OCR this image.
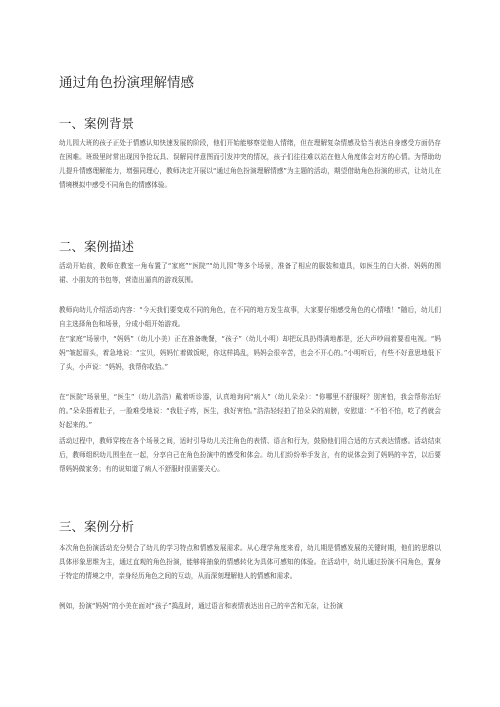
通过角色扮演理解情感
一、案例背景

幼儿园大班的孩子正处于情感认知快速发展的阶段，他们开始能够察觉他人情绪，但在理解复杂情感及恰当表达自身感受方面仍存在困难。班级里时常出现因争抢玩具、误解同伴意图而引发冲突的情况，孩子们往往难以站在他人角度体会对方的心情。为帮助幼儿提升情感理解能力，增强同理心，教师决定开展以“通过角色扮演理解情感”为主题的活动，期望借助角色扮演的形式，让幼儿在情境模拟中感受不同角色的情感体验。

二、案例描述

活动开始前，教师在教室一角布置了“家庭”“医院”“幼儿园”等多个场景，准备了相应的服装和道具，如医生的白大褂、妈妈的围裙、小朋友的书包等，营造出逼真的游戏氛围。

教师向幼儿介绍活动内容：“今天我们要变成不同的角色，在不同的地方发生故事，大家要仔细感受角色的心情哦！”随后，幼儿们自主选择角色和场景，分成小组开始游戏。

在“家庭”场景中，“妈妈”（幼儿小美）正在准备晚餐，“孩子”（幼儿小明）却把玩具扔得满地都是，还大声吵闹着要看电视。“妈妈”皱起眉头，着急地说：“宝贝，妈妈忙着做饭呢，你这样捣乱，妈妈会很辛苦，也会不开心的。”小明听后，有些不好意思地低下了头，小声说：“妈妈，我帮你收拾。”

在“医院”场景里，“医生”（幼儿浩浩）戴着听诊器，认真地询问“病人”（幼儿朵朵）：“你哪里不舒服呀？别害怕，我会帮你治好的。”朵朵捂着肚子，一脸难受地说：“我肚子疼，医生，我好害怕。”浩浩轻轻拍了拍朵朵的肩膀，安慰道：“不怕不怕，吃了药就会好起来的。”

活动过程中，教师穿梭在各个场景之间，适时引导幼儿关注角色的表情、语言和行为，鼓励他们用合适的方式表达情感。活动结束后，教师组织幼儿围坐在一起，分享自己在角色扮演中的感受和体会。幼儿们纷纷举手发言，有的说体会到了妈妈的辛苦，以后要帮妈妈做家务；有的说知道了病人不舒服时很需要关心。

三、案例分析

本次角色扮演活动充分契合了幼儿的学习特点和情感发展需求。从心理学角度来看，幼儿期是情感发展的关键时期，他们的思维以具体形象思维为主，通过直观的角色扮演，能够将抽象的情感转化为具体可感知的体验。在活动中，幼儿通过扮演不同角色，置身于特定的情境之中，亲身经历角色之间的互动，从而深刻理解他人的情感和需求。

例如，扮演“妈妈”的小美在面对“孩子”捣乱时，通过语言和表情表达出自己的辛苦和无奈，让扮演
